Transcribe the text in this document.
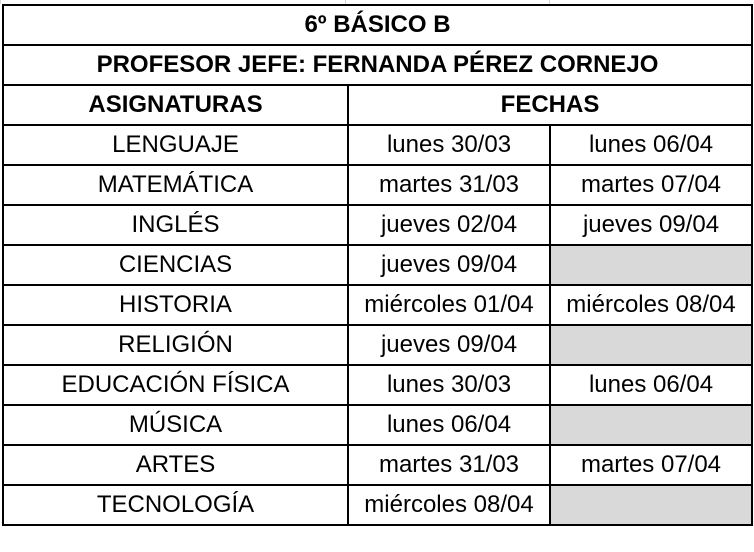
6º BÁSICO B		
PROFESOR JEFE: FERNANDA PÉREZ CORNEJO		
ASIGNATURAS	FECHAS	
LENGUAJE	lunes 30/03	lunes 06/04
MATEMÁTICA	martes 31/03	martes 07/04
INGLÉS	jueves 02/04	jueves 09/04
CIENCIAS	jueves 09/04	
HISTORIA	miércoles 01/04	miércoles 08/04
RELIGIÓN	jueves 09/04	
EDUCACIÓN FÍSICA	lunes 30/03	lunes 06/04
MÚSICA	lunes 06/04	
ARTES	martes 31/03	martes 07/04
TECNOLOGÍA	miércoles 08/04	
